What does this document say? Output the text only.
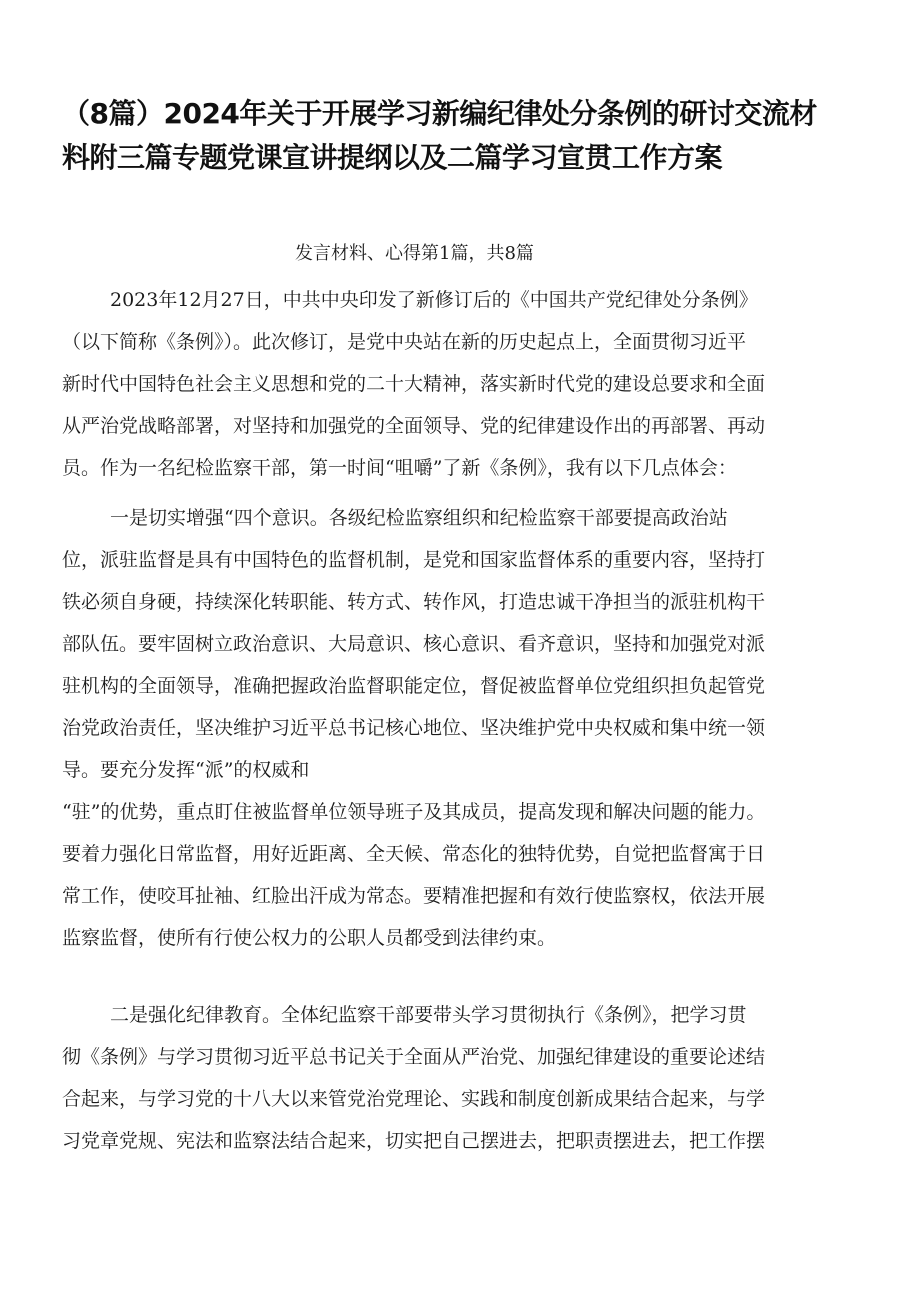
（8篇）2024年关于开展学习新编纪律处分条例的研讨交流材
料附三篇专题党课宣讲提纲以及二篇学习宣贯工作方案

发言材料、心得第1篇，共8篇

2023年12月27日，中共中央印发了新修订后的《中国共产党纪律处分条例》

（以下简称《条例》）。此次修订，是党中央站在新的历史起点上，全面贯彻习近平

新时代中国特色社会主义思想和党的二十大精神，落实新时代党的建设总要求和全面

从严治党战略部署，对坚持和加强党的全面领导、党的纪律建设作出的再部署、再动

员。作为一名纪检监察干部，第一时间“咀嚼”了新《条例》，我有以下几点体会：

一是切实增强“四个意识。各级纪检监察组织和纪检监察干部要提高政治站

位，派驻监督是具有中国特色的监督机制，是党和国家监督体系的重要内容，坚持打

铁必须自身硬，持续深化转职能、转方式、转作风，打造忠诚干净担当的派驻机构干

部队伍。要牢固树立政治意识、大局意识、核心意识、看齐意识，坚持和加强党对派

驻机构的全面领导，准确把握政治监督职能定位，督促被监督单位党组织担负起管党

治党政治责任，坚决维护习近平总书记核心地位、坚决维护党中央权威和集中统一领

导。要充分发挥“派”的权威和

“驻”的优势，重点盯住被监督单位领导班子及其成员，提高发现和解决问题的能力。

要着力强化日常监督，用好近距离、全天候、常态化的独特优势，自觉把监督寓于日

常工作，使咬耳扯袖、红脸出汗成为常态。要精准把握和有效行使监察权，依法开展

监察监督，使所有行使公权力的公职人员都受到法律约束。

二是强化纪律教育。全体纪监察干部要带头学习贯彻执行《条例》，把学习贯

彻《条例》与学习贯彻习近平总书记关于全面从严治党、加强纪律建设的重要论述结

合起来，与学习党的十八大以来管党治党理论、实践和制度创新成果结合起来，与学

习党章党规、宪法和监察法结合起来，切实把自己摆进去，把职责摆进去，把工作摆
